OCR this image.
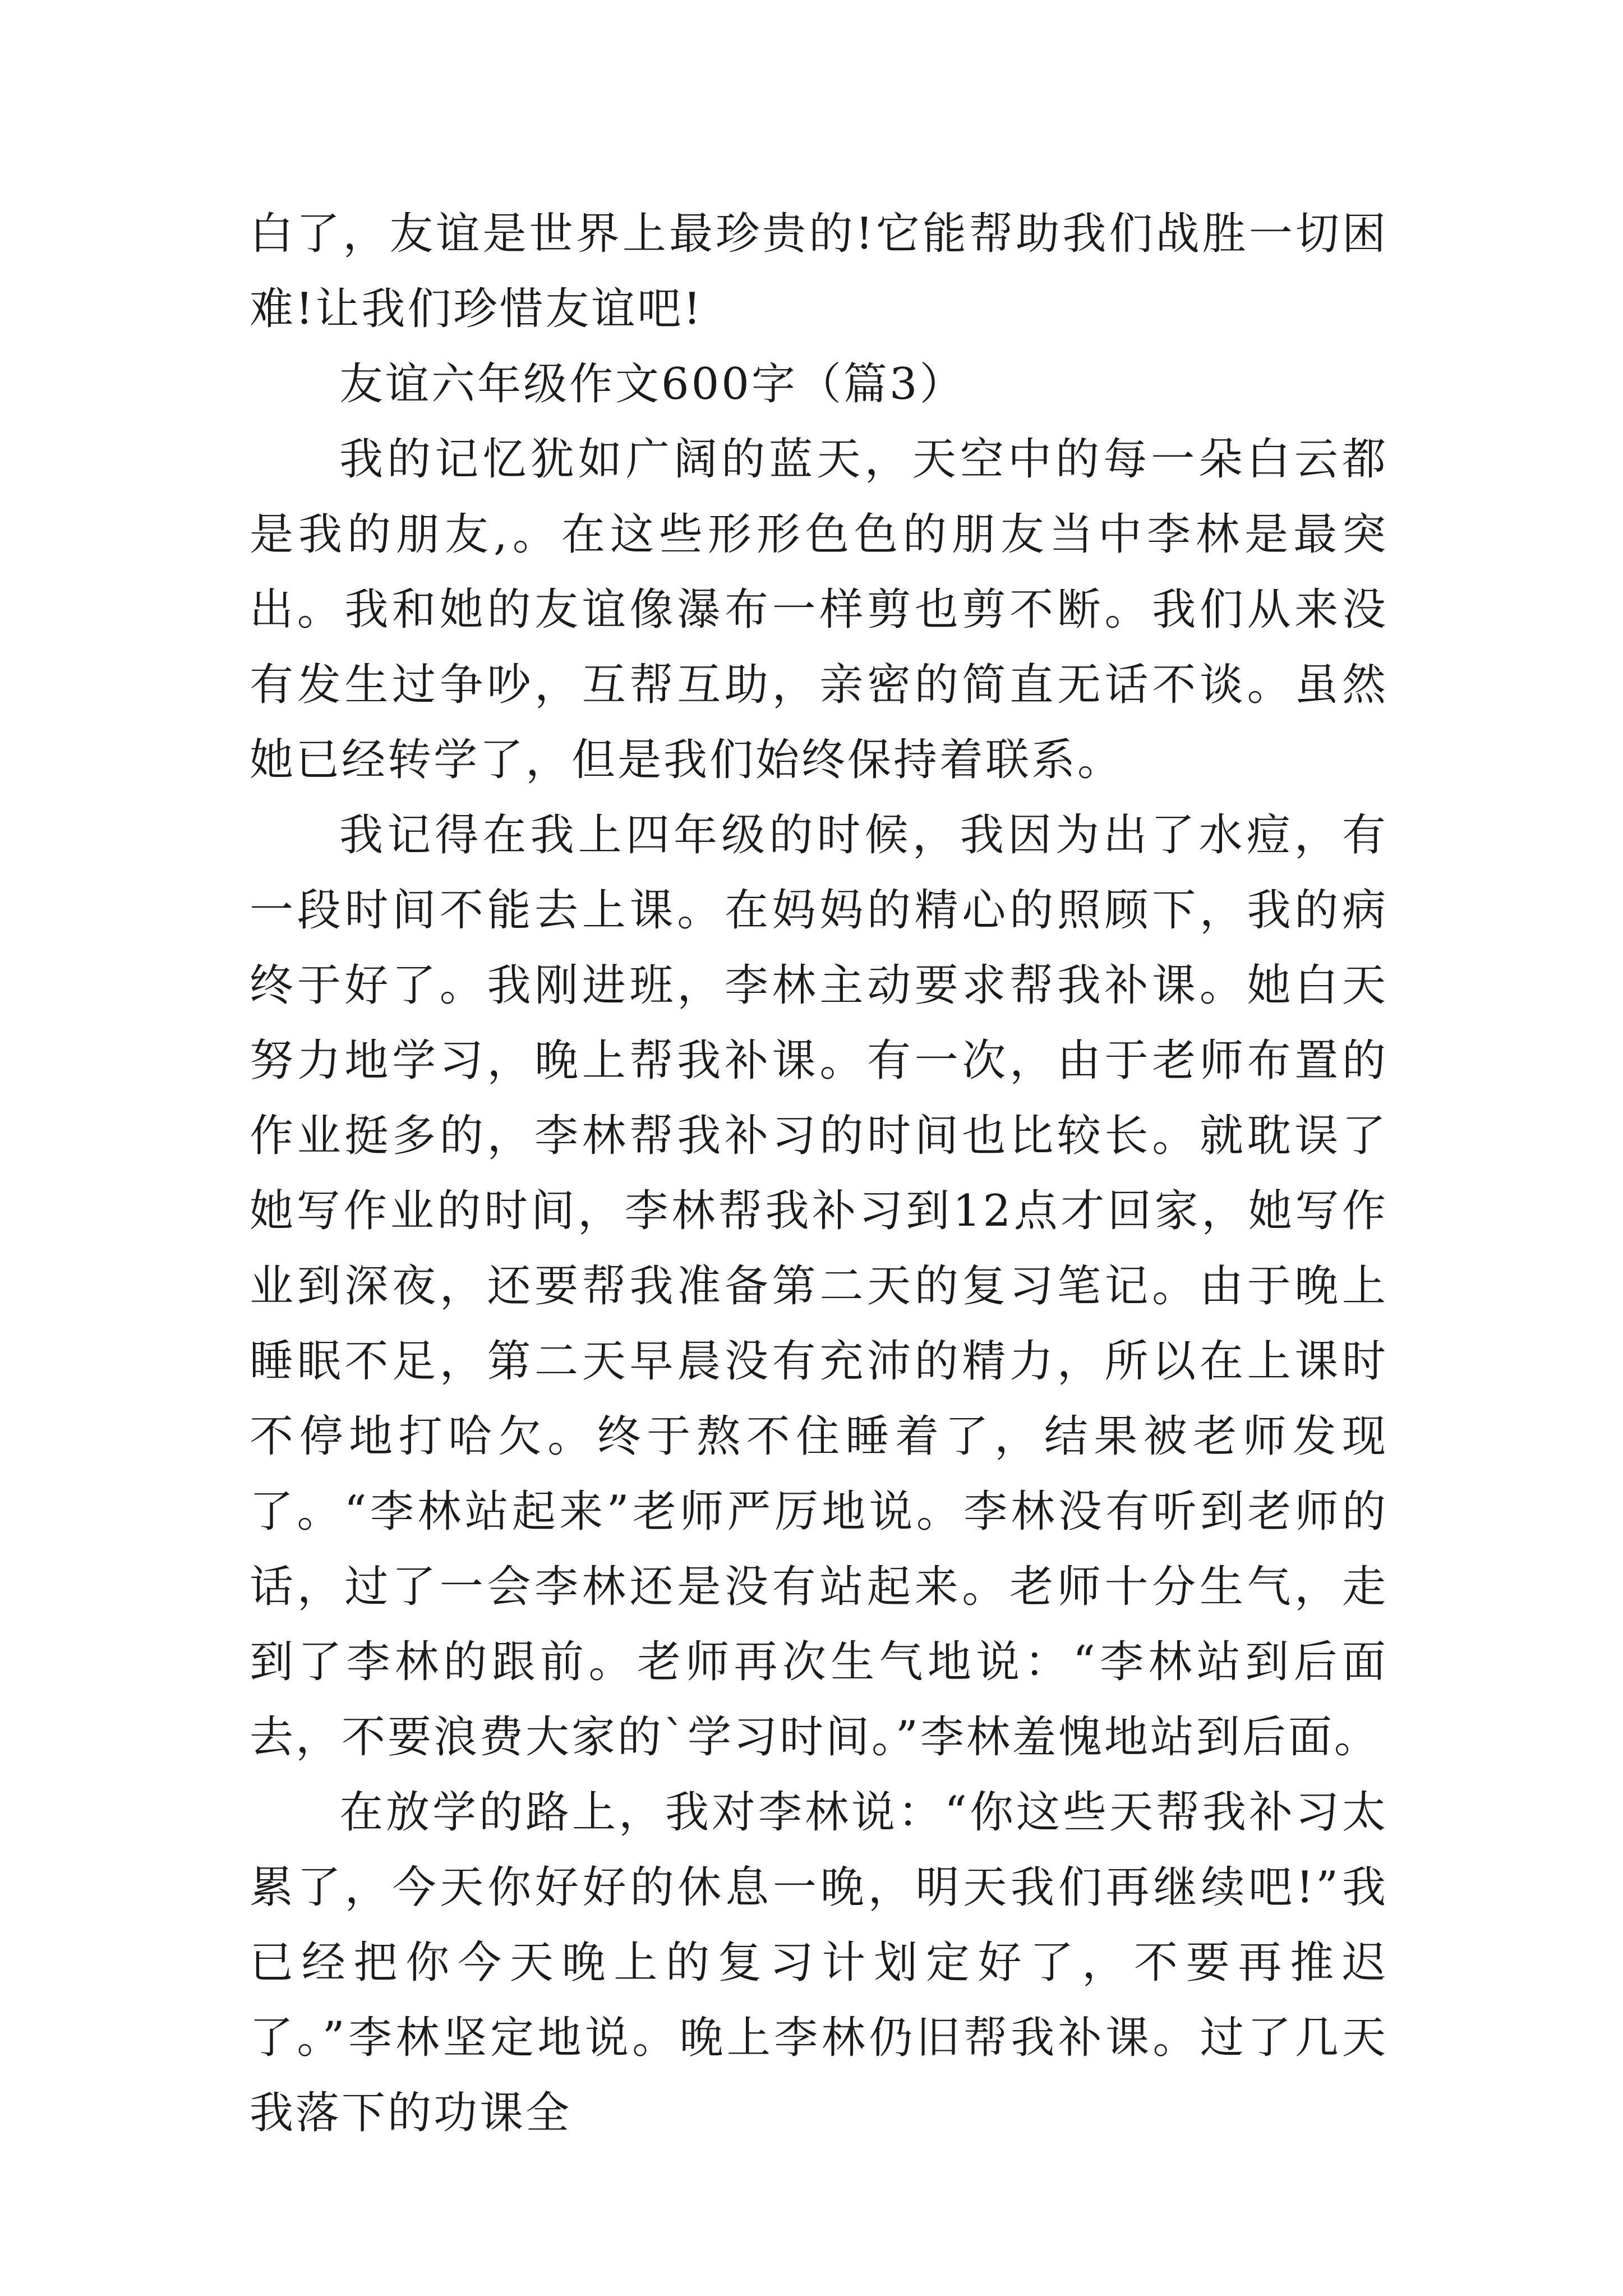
白了，友谊是世界上最珍贵的!它能帮助我们战胜一切困难!让我们珍惜友谊吧!

友谊六年级作文600字（篇3）

我的记忆犹如广阔的蓝天，天空中的每一朵白云都是我的朋友,。在这些形形色色的朋友当中李林是最突出。我和她的友谊像瀑布一样剪也剪不断。我们从来没有发生过争吵，互帮互助，亲密的简直无话不谈。虽然她已经转学了，但是我们始终保持着联系。

我记得在我上四年级的时候，我因为出了水痘，有一段时间不能去上课。在妈妈的精心的照顾下，我的病终于好了。我刚进班，李林主动要求帮我补课。她白天努力地学习，晚上帮我补课。有一次，由于老师布置的作业挺多的，李林帮我补习的时间也比较长。就耽误了她写作业的时间，李林帮我补习到12点才回家，她写作业到深夜，还要帮我准备第二天的复习笔记。由于晚上睡眠不足，第二天早晨没有充沛的精力，所以在上课时不停地打哈欠。终于熬不住睡着了，结果被老师发现了。“李林站起来”老师严厉地说。李林没有听到老师的话，过了一会李林还是没有站起来。老师十分生气，走到了李林的跟前。老师再次生气地说：“李林站到后面去，不要浪费大家的`学习时间。”李林羞愧地站到后面。

在放学的路上，我对李林说：“你这些天帮我补习太累了，今天你好好的休息一晚，明天我们再继续吧!”我已经把你今天晚上的复习计划定好了，不要再推迟了。”李林坚定地说。晚上李林仍旧帮我补课。过了几天我落下的功课全
